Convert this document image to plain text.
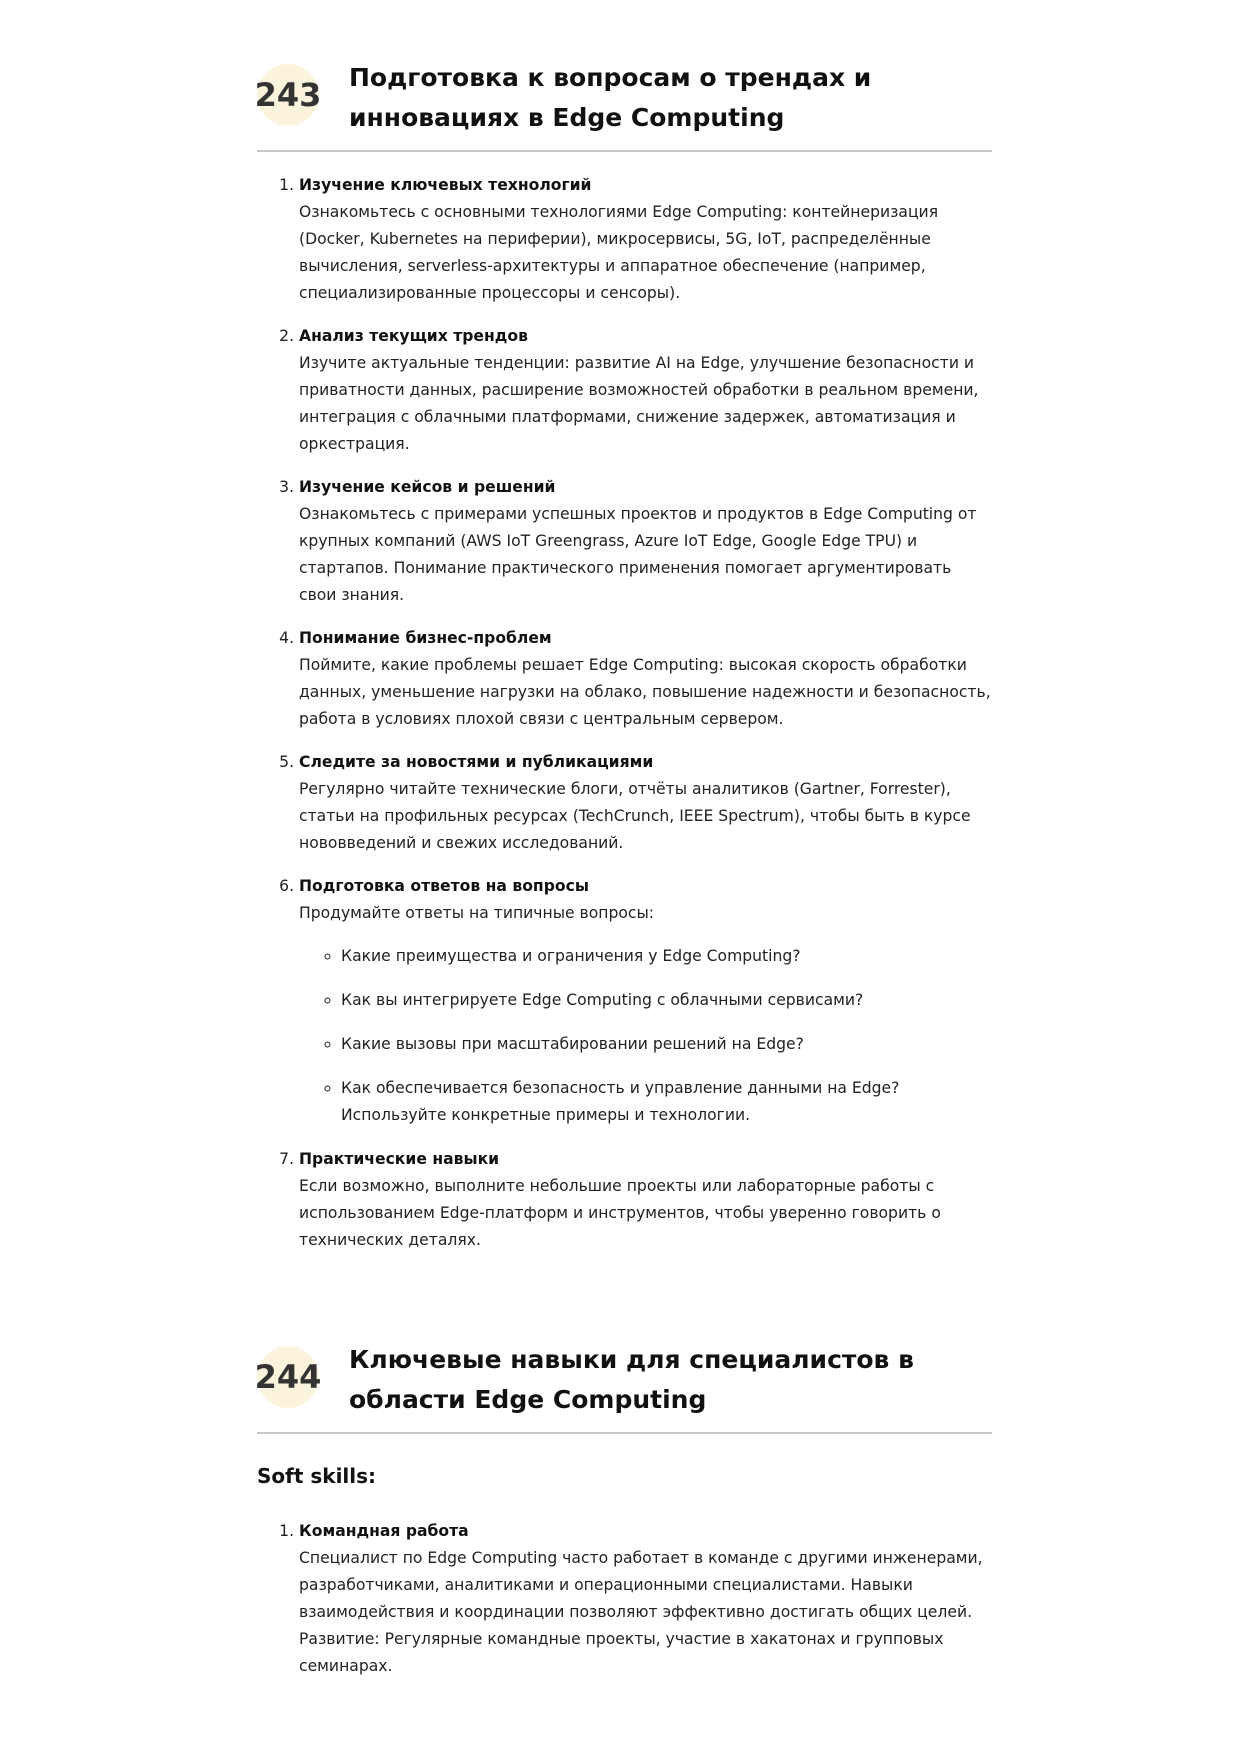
243 Подготовка к вопросам о трендах и инновациях в Edge Computing
1. Изучение ключевых технологий
Ознакомьтесь с основными технологиями Edge Computing: контейнеризация (Docker, Kubernetes на периферии), микросервисы, 5G, IoT, распределённые вычисления, serverless-архитектуры и аппаратное обеспечение (например, специализированные процессоры и сенсоры).
2. Анализ текущих трендов
Изучите актуальные тенденции: развитие AI на Edge, улучшение безопасности и приватности данных, расширение возможностей обработки в реальном времени, интеграция с облачными платформами, снижение задержек, автоматизация и оркестрация.
3. Изучение кейсов и решений
Ознакомьтесь с примерами успешных проектов и продуктов в Edge Computing от крупных компаний (AWS IoT Greengrass, Azure IoT Edge, Google Edge TPU) и стартапов. Понимание практического применения помогает аргументировать свои знания.
4. Понимание бизнес-проблем
Поймите, какие проблемы решает Edge Computing: высокая скорость обработки данных, уменьшение нагрузки на облако, повышение надежности и безопасность, работа в условиях плохой связи с центральным сервером.
5. Следите за новостями и публикациями
Регулярно читайте технические блоги, отчёты аналитиков (Gartner, Forrester), статьи на профильных ресурсах (TechCrunch, IEEE Spectrum), чтобы быть в курсе нововведений и свежих исследований.
6. Подготовка ответов на вопросы
Продумайте ответы на типичные вопросы:
◦ Какие преимущества и ограничения у Edge Computing?
◦ Как вы интегрируете Edge Computing с облачными сервисами?
◦ Какие вызовы при масштабировании решений на Edge?
◦ Как обеспечивается безопасность и управление данными на Edge? Используйте конкретные примеры и технологии.
7. Практические навыки
Если возможно, выполните небольшие проекты или лабораторные работы с использованием Edge-платформ и инструментов, чтобы уверенно говорить о технических деталях.
244 Ключевые навыки для специалистов в области Edge Computing
Soft skills:
1. Командная работа
Специалист по Edge Computing часто работает в команде с другими инженерами, разработчиками, аналитиками и операционными специалистами. Навыки взаимодействия и координации позволяют эффективно достигать общих целей. Развитие: Регулярные командные проекты, участие в хакатонах и групповых семинарах.
